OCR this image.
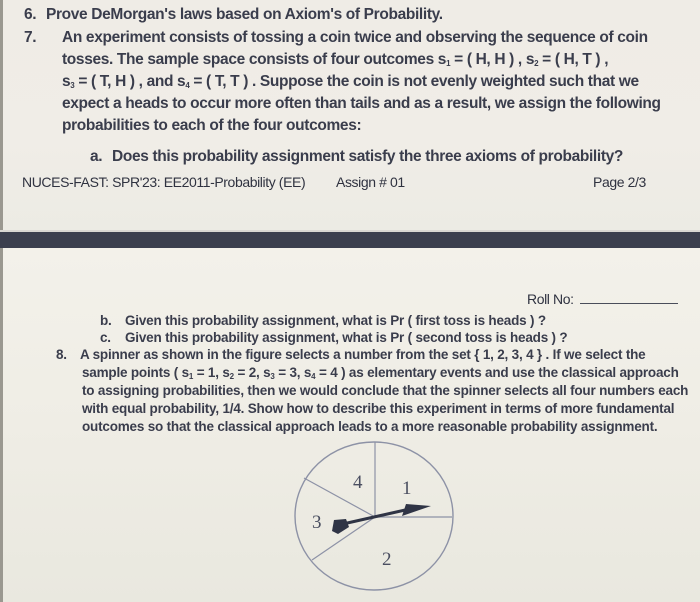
6. Prove DeMorgan's laws based on Axiom's of Probability.
7. An experiment consists of tossing a coin twice and observing the sequence of coin
tosses. The sample space consists of four outcomes $s_1$ = ( H, H ) , $s_2$ = ( H, T ) ,
$s_3$ = ( T, H ) , and $s_4$ = ( T, T ) . Suppose the coin is not evenly weighted such that we
expect a heads to occur more often than tails and as a result, we assign the following
probabilities to each of the four outcomes:
a. Does this probability assignment satisfy the three axioms of probability?
NUCES-FAST: SPR'23: EE2011-Probability (EE) Assign # 01	Page 2/3
Roll No:
b. Given this probability assignment, what is Pr ( first toss is heads ) ?
c. Given this probability assignment, what is Pr ( second toss is heads ) ?
8. A spinner as shown in the figure selects a number from the set { 1, 2, 3, 4 } . If we select the
sample points ( $s_1 = 1$, $s_2 = 2$, $s_3 = 3$, $s_4 = 4$ ) as elementary events and use the classical approach
to assigning probabilities, then we would conclude that the spinner selects all four numbers each
with equal probability, 1/4. Show how to describe this experiment in terms of more fundamental
outcomes so that the classical approach leads to a more reasonable probability assignment.
4 1
3
2
